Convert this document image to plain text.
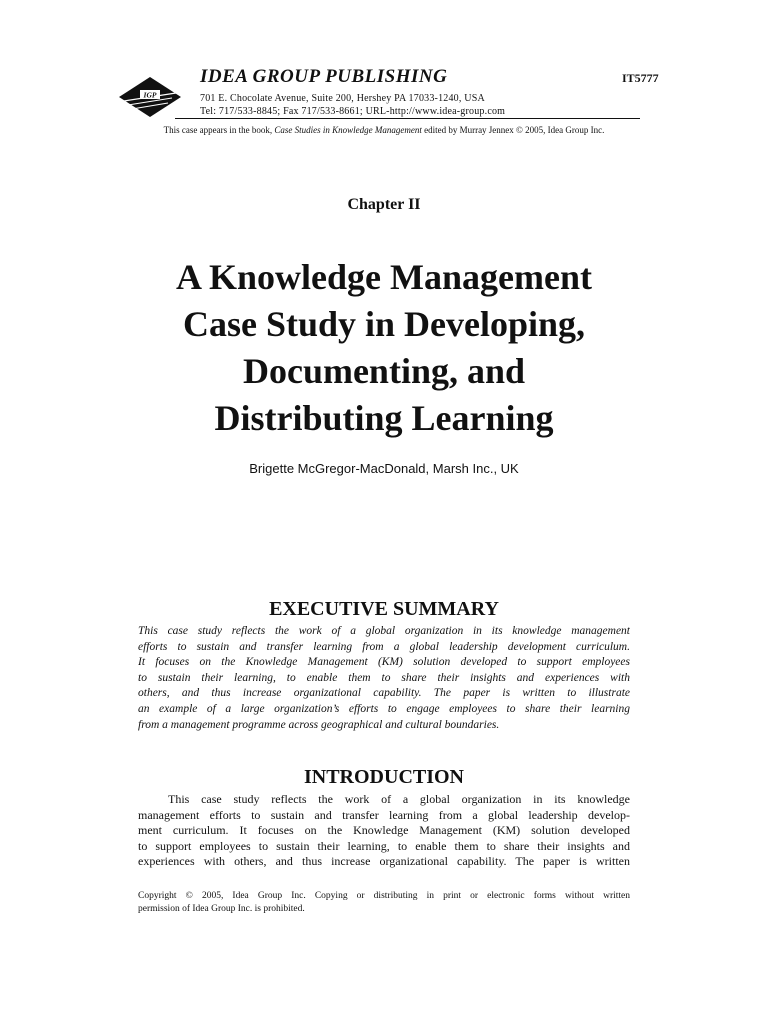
IGP
IDEA GROUP PUBLISHING	IT5777
701 E. Chocolate Avenue, Suite 200, Hershey PA 17033-1240, USA
Tel: 717/533-8845; Fax 717/533-8661; URL-http://www.idea-group.com
This case appears in the book, Case Studies in Knowledge Management edited by Murray Jennex © 2005, Idea Group Inc.
Chapter II
A Knowledge Management
Case Study in Developing,
Documenting, and
Distributing Learning
Brigette McGregor-MacDonald, Marsh Inc., UK
EXECUTIVE SUMMARY
This case study reflects the work of a global organization in its knowledge management
efforts to sustain and transfer learning from a global leadership development curriculum.
It focuses on the Knowledge Management (KM) solution developed to support employees
to sustain their learning, to enable them to share their insights and experiences with
others, and thus increase organizational capability. The paper is written to illustrate
an example of a large organization’s efforts to engage employees to share their learning
from a management programme across geographical and cultural boundaries.
INTRODUCTION
This case study reflects the work of a global organization in its knowledge
management efforts to sustain and transfer learning from a global leadership develop-
ment curriculum. It focuses on the Knowledge Management (KM) solution developed
to support employees to sustain their learning, to enable them to share their insights and
experiences with others, and thus increase organizational capability. The paper is written
Copyright © 2005, Idea Group Inc. Copying or distributing in print or electronic forms without written
permission of Idea Group Inc. is prohibited.
